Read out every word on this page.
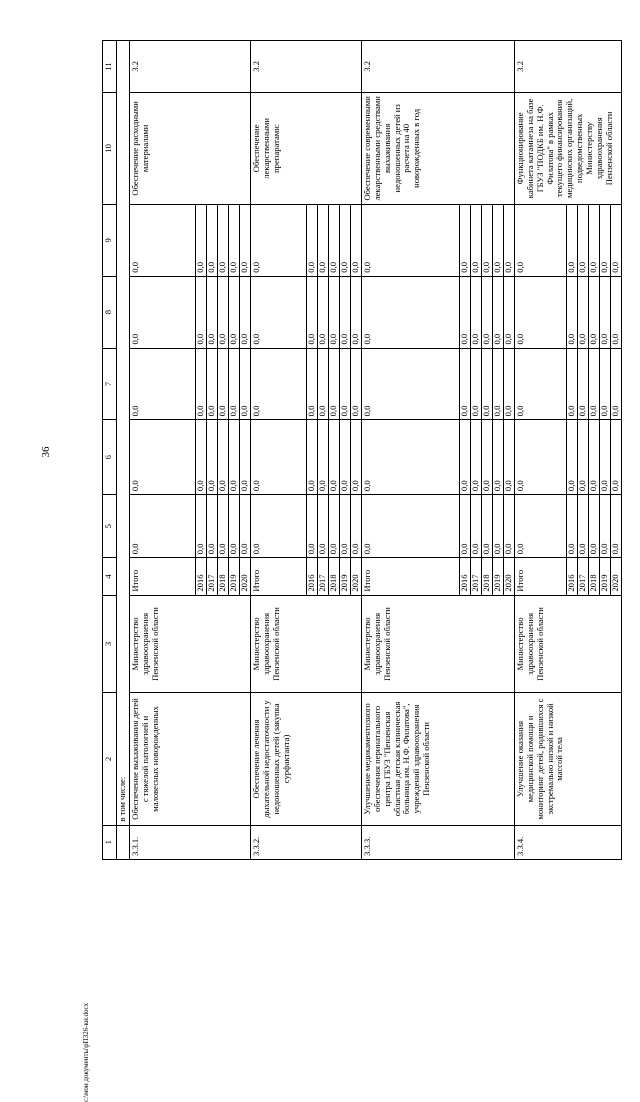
36
c:\мои документы\pП326-ки.docx
1	2	3	4	5	6	7	8	9	10	11
	в том числе:									
3.3.1.	Обеспечение выхаживания детей с тяжелой патологией и маловесных новорожденных	Министерство здравоохранения Пензенской области	Итого	0,0	0,0	0,0	0,0	0,0	Обеспечение расходными материалами	3.2
			2016	0,0	0,0	0,0	0,0	0,0		
			2017	0,0	0,0	0,0	0,0	0,0		
			2018	0,0	0,0	0,0	0,0	0,0		
			2019	0,0	0,0	0,0	0,0	0,0		
			2020	0,0	0,0	0,0	0,0	0,0		
3.3.2.	Обеспечение лечения дыхательной недостаточности у недоношенных детей (закупка сурфактанта)	Министерство здравоохранения Пензенской области	Итого	0,0	0,0	0,0	0,0	0,0	Обеспечение лекарственными препаратами:	3.2
			2016	0,0	0,0	0,0	0,0	0,0		
			2017	0,0	0,0	0,0	0,0	0,0		
			2018	0,0	0,0	0,0	0,0	0,0		
			2019	0,0	0,0	0,0	0,0	0,0		
			2020	0,0	0,0	0,0	0,0	0,0		
3.3.3.	Улучшение медикаментозного обеспечения перинатального центра ГБУЗ "Пензенская областная детская клиническая больница им. Н.Ф. Филатова", учреждений здравоохранения Пензенской области	Министерство здравоохранения Пензенской области	Итого	0,0	0,0	0,0	0,0	0,0	Обеспечение современными лекарственными средствами выхаживания недоношенных детей из расчета на 40 новорожденных в год	3.2
			2016	0,0	0,0	0,0	0,0	0,0		
			2017	0,0	0,0	0,0	0,0	0,0		
			2018	0,0	0,0	0,0	0,0	0,0		
			2019	0,0	0,0	0,0	0,0	0,0		
			2020	0,0	0,0	0,0	0,0	0,0		
3.3.4.	Улучшение оказания медицинской помощи и мониторинг детей, родившихся с экстремально низкой и низкой массой тела	Министерство здравоохранения Пензенской области	Итого	0,0	0,0	0,0	0,0	0,0	Функционирование кабинета катамнеза на базе ГБУЗ "ПОДКБ им. Н.Ф. Филатова" в рамках текущего финансирования медицинских организаций, подведомственных Министерству здравоохранения Пензенской области	3.2
			2016	0,0	0,0	0,0	0,0	0,0		
			2017	0,0	0,0	0,0	0,0	0,0		
			2018	0,0	0,0	0,0	0,0	0,0		
			2019	0,0	0,0	0,0	0,0	0,0		
			2020	0,0	0,0	0,0	0,0	0,0		
